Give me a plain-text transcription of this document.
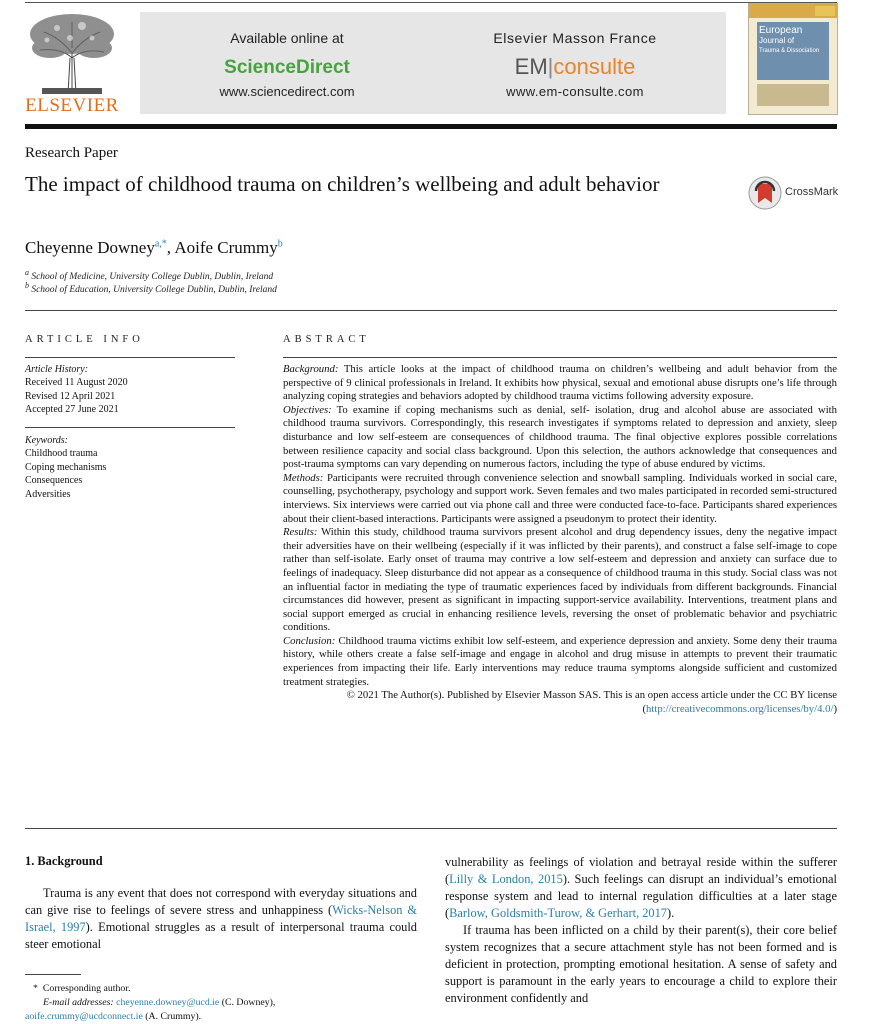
ELSEVIER
Available online at
ScienceDirect
www.sciencedirect.com
Elsevier Masson France
EM|consulte
www.em-consulte.com
European
Journal of
Trauma & Dissociation
Research Paper
The impact of childhood trauma on children’s wellbeing and adult behavior	CrossMark
Cheyenne Downey$^{a,*}$, Aoife Crummy$^b$
$^a$ School of Medicine, University College Dublin, Dublin, Ireland
$^b$ School of Education, University College Dublin, Dublin, Ireland
ARTICLE INFO
Article History:
Received 11 August 2020
Revised 12 April 2021
Accepted 27 June 2021
Keywords:
Childhood trauma
Coping mechanisms
Consequences
Adversities
ABSTRACT

Background: This article looks at the impact of childhood trauma on children’s wellbeing and adult behavior from the perspective of 9 clinical professionals in Ireland. It exhibits how physical, sexual and emotional abuse disrupts one’s life through analyzing coping strategies and behaviors adopted by childhood trauma victims following adversity exposure.

Objectives: To examine if coping mechanisms such as denial, self- isolation, drug and alcohol abuse are associated with childhood trauma survivors. Correspondingly, this research investigates if symptoms related to depression and anxiety, sleep disturbance and low self-esteem are consequences of childhood trauma. The final objective explores possible correlations between resilience capacity and social class background. Upon this selection, the authors acknowledge that consequences and post-trauma symptoms can vary depending on numerous factors, including the type of abuse endured by victims.

Methods: Participants were recruited through convenience selection and snowball sampling. Individuals worked in social care, counselling, psychotherapy, psychology and support work. Seven females and two males participated in recorded semi-structured interviews. Six interviews were carried out via phone call and three were conducted face-to-face. Participants shared experiences about their client-based interactions. Participants were assigned a pseudonym to protect their identity.

Results: Within this study, childhood trauma survivors present alcohol and drug dependency issues, deny the negative impact their adversities have on their wellbeing (especially if it was inflicted by their parents), and construct a false self-image to cope rather than self-isolate. Early onset of trauma may contrive a low self-esteem and depression and anxiety can surface due to feelings of inadequacy. Sleep disturbance did not appear as a consequence of childhood trauma in this study. Social class was not an influential factor in mediating the type of traumatic experiences faced by individuals from different backgrounds. Financial circumstances did however, present as significant in impacting support-service availability. Interventions, treatment plans and social support emerged as crucial in enhancing resilience levels, reversing the onset of problematic behavior and psychiatric conditions.

Conclusion: Childhood trauma victims exhibit low self-esteem, and experience depression and anxiety. Some deny their trauma history, while others create a false self-image and engage in alcohol and drug misuse in attempts to prevent their traumatic experiences from impacting their life. Early interventions may reduce trauma symptoms alongside sufficient and customized treatment strategies.

© 2021 The Author(s). Published by Elsevier Masson SAS. This is an open access article under the CC BY license (http://creativecommons.org/licenses/by/4.0/)

1. Background

Trauma is any event that does not correspond with everyday situations and can give rise to feelings of severe stress and unhappiness (Wicks-Nelson & Israel, 1997). Emotional struggles as a result of interpersonal trauma could steer emotional

* Corresponding author.
E-mail addresses: cheyenne.downey@ucd.ie (C. Downey),
aoife.crummy@ucdconnect.ie (A. Crummy).

vulnerability as feelings of violation and betrayal reside within the sufferer (Lilly & London, 2015). Such feelings can disrupt an individual’s emotional response system and lead to internal regulation difficulties at a later stage (Barlow, Goldsmith-Turow, & Gerhart, 2017).

If trauma has been inflicted on a child by their parent(s), their core belief system recognizes that a secure attachment style has not been formed and is deficient in protection, prompting emotional hesitation. A sense of safety and support is paramount in the early years to encourage a child to explore their environment confidently and
